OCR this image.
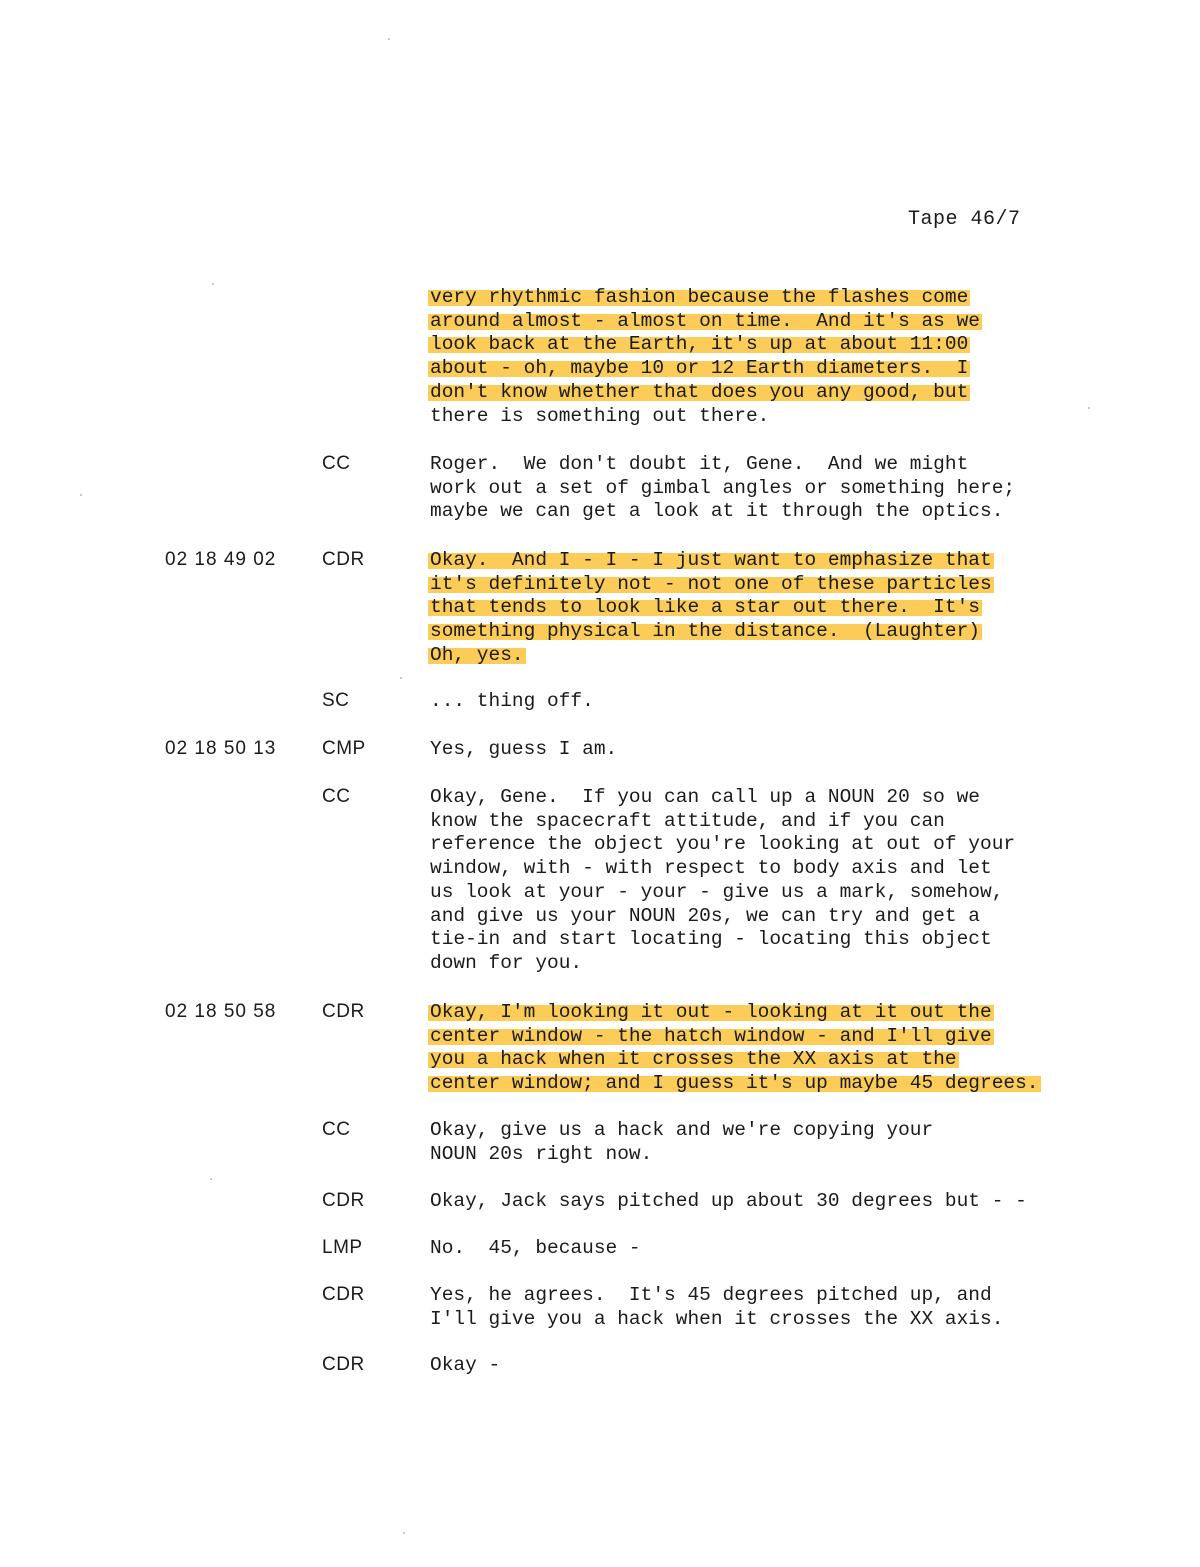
Tape 46/7
very rhythmic fashion because the flashes come
around almost - almost on time.  And it's as we
look back at the Earth, it's up at about 11:00
about - oh, maybe 10 or 12 Earth diameters.  I
don't know whether that does you any good, but
there is something out there.
CC	Roger.  We don't doubt it, Gene.  And we might
work out a set of gimbal angles or something here;
maybe we can get a look at it through the optics.
02 18 49 02 CDR	Okay.  And I - I - I just want to emphasize that
it's definitely not - not one of these particles
that tends to look like a star out there.  It's
something physical in the distance.  (Laughter)
Oh, yes.
SC	... thing off.
02 18 50 13 CMP	Yes, guess I am.
CC	Okay, Gene.  If you can call up a NOUN 20 so we
know the spacecraft attitude, and if you can
reference the object you're looking at out of your
window, with - with respect to body axis and let
us look at your - your - give us a mark, somehow,
and give us your NOUN 20s, we can try and get a
tie-in and start locating - locating this object
down for you.
02 18 50 58 CDR	Okay, I'm looking it out - looking at it out the
center window - the hatch window - and I'll give
you a hack when it crosses the XX axis at the
center window; and I guess it's up maybe 45 degrees.
CC	Okay, give us a hack and we're copying your
NOUN 20s right now.
CDR	Okay, Jack says pitched up about 30 degrees but - -
LMP	No.  45, because -
CDR	Yes, he agrees.  It's 45 degrees pitched up, and
I'll give you a hack when it crosses the XX axis.
CDR	Okay -
